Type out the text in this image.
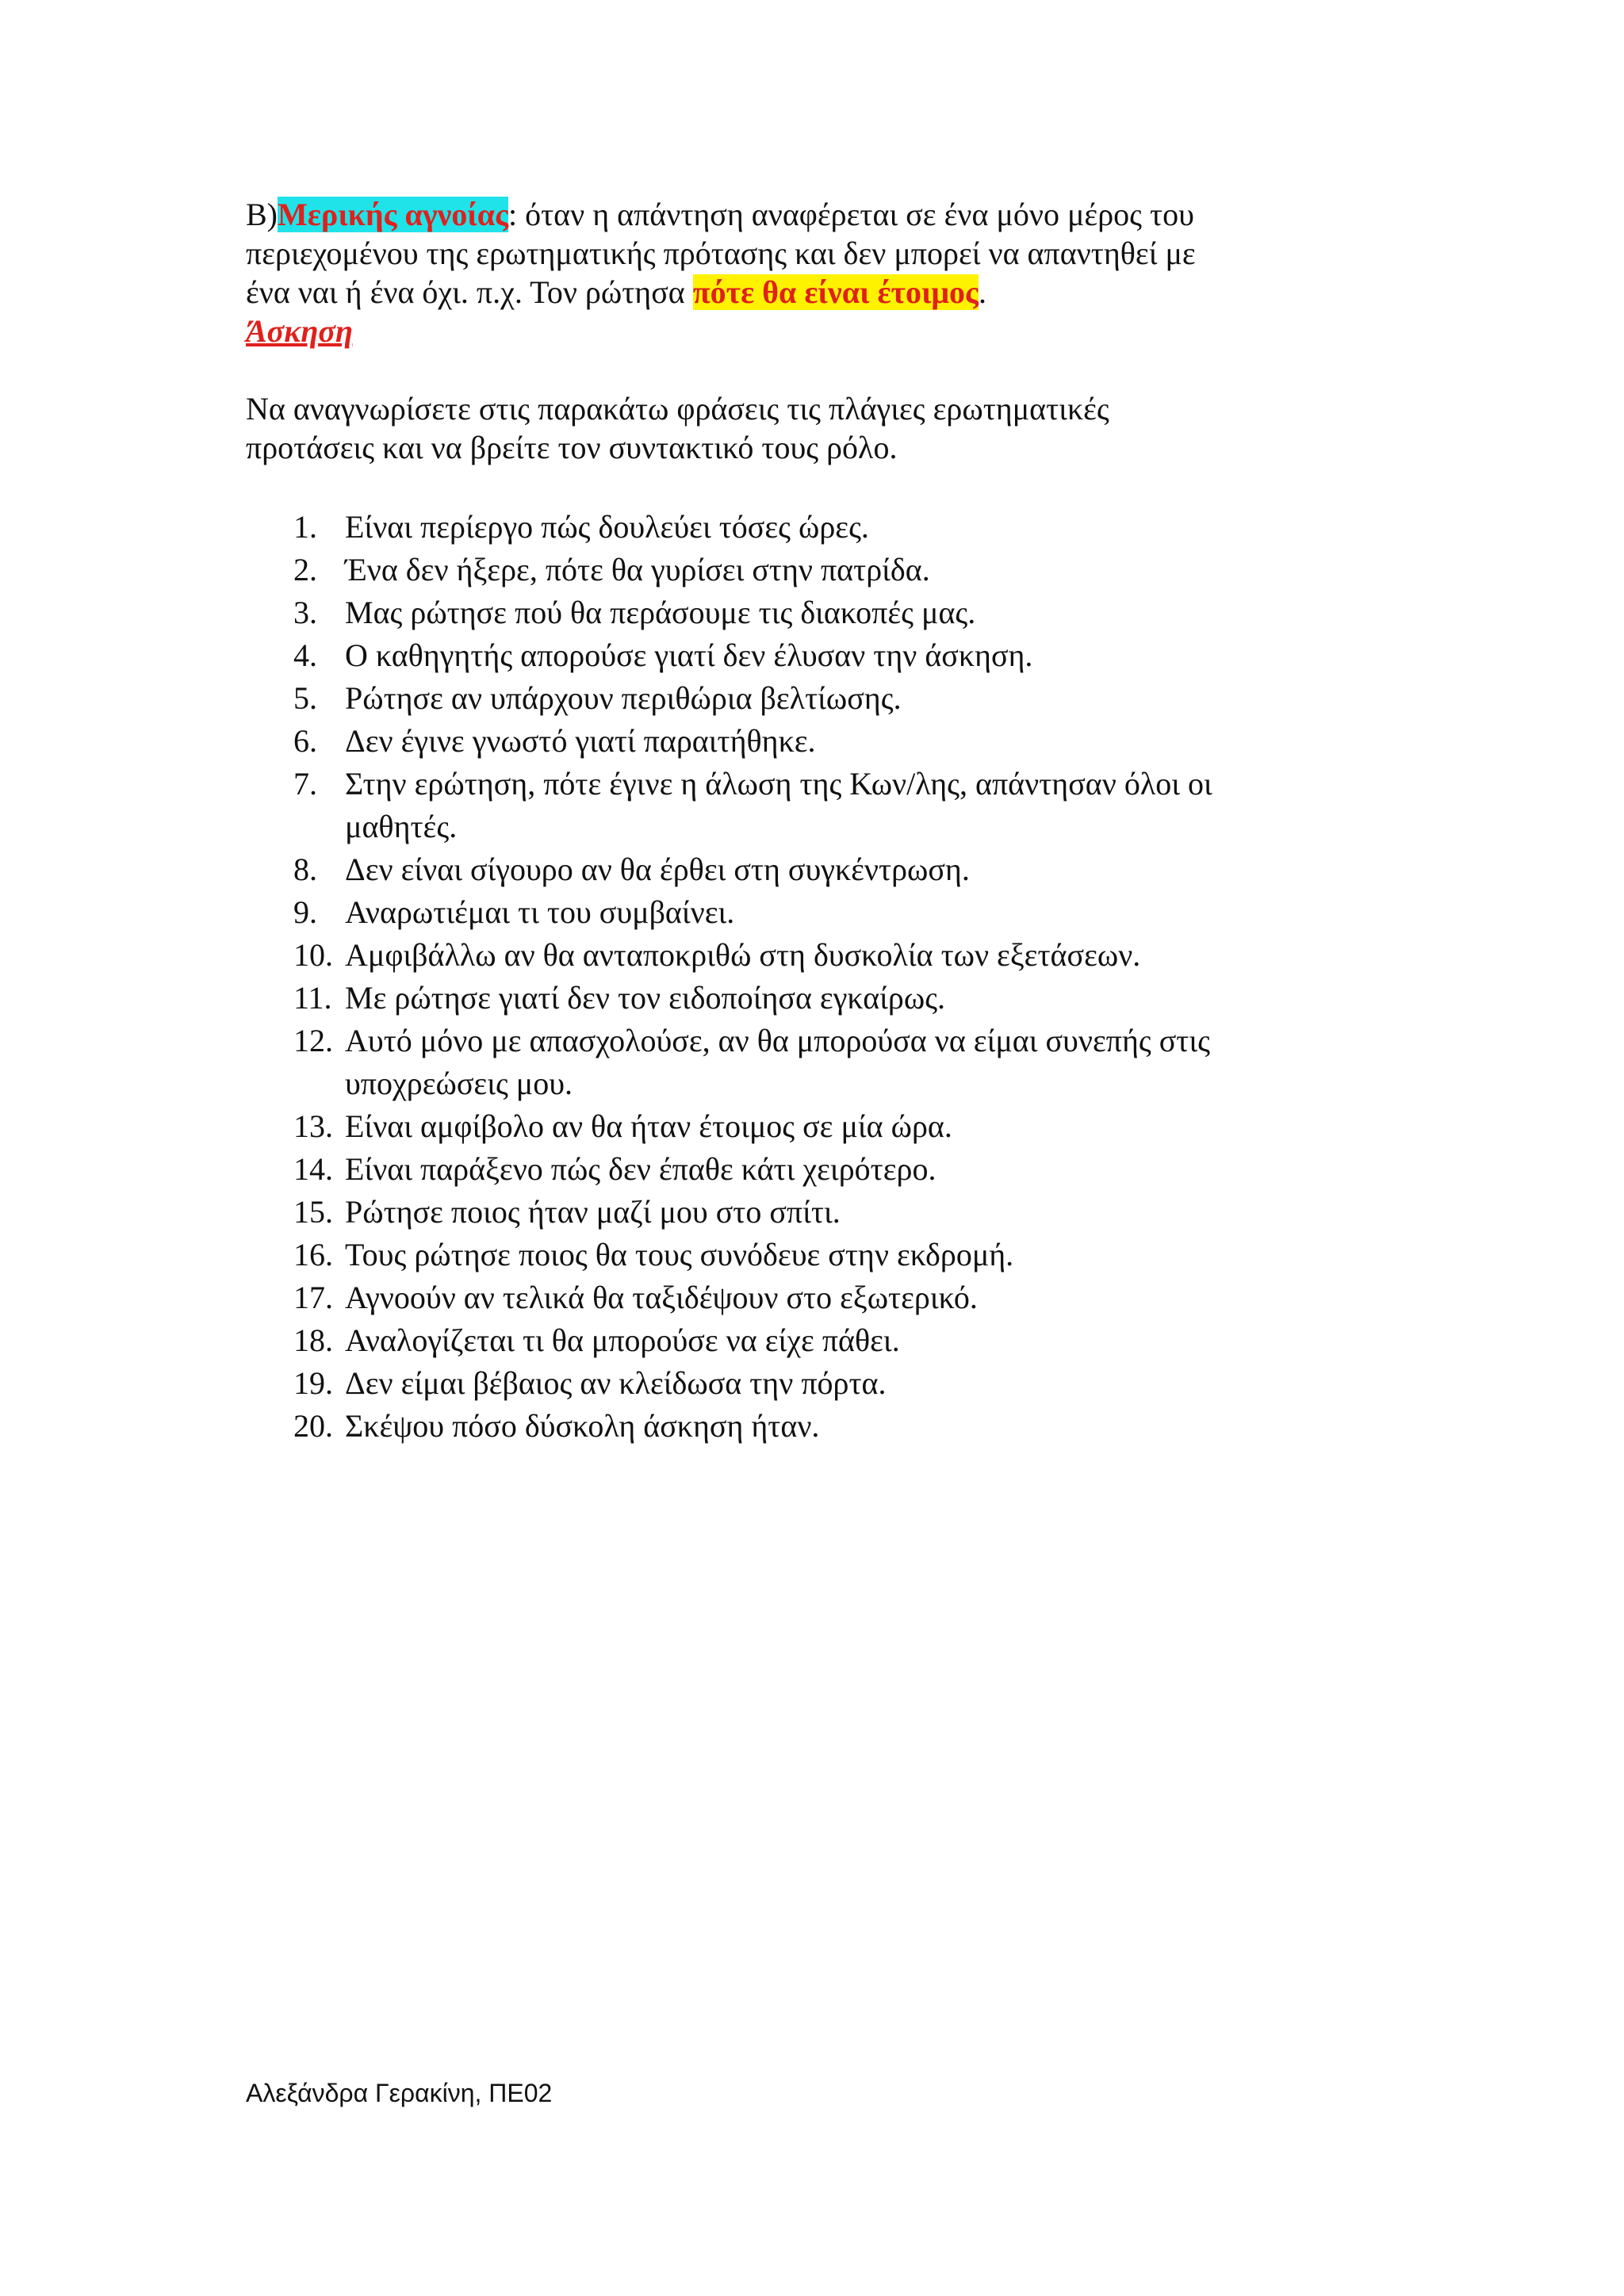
Β)Μερικής αγνοίας: όταν η απάντηση αναφέρεται σε ένα μόνο μέρος του
περιεχομένου της ερωτηματικής πρότασης και δεν μπορεί να απαντηθεί με
ένα ναι ή ένα όχι. π.χ. Τον ρώτησα πότε θα είναι έτοιμος.
Άσκηση
Να αναγνωρίσετε στις παρακάτω φράσεις τις πλάγιες ερωτηματικές
προτάσεις και να βρείτε τον συντακτικό τους ρόλο.
1. Είναι περίεργο πώς δουλεύει τόσες ώρες.
2. Ένα δεν ήξερε, πότε θα γυρίσει στην πατρίδα.
3. Μας ρώτησε πού θα περάσουμε τις διακοπές μας.
4. Ο καθηγητής απορούσε γιατί δεν έλυσαν την άσκηση.
5. Ρώτησε αν υπάρχουν περιθώρια βελτίωσης.
6. Δεν έγινε γνωστό γιατί παραιτήθηκε.
7. Στην ερώτηση, πότε έγινε η άλωση της Κων/λης, απάντησαν όλοι οι
μαθητές.
8. Δεν είναι σίγουρο αν θα έρθει στη συγκέντρωση.
9. Αναρωτιέμαι τι του συμβαίνει.
10. Αμφιβάλλω αν θα ανταποκριθώ στη δυσκολία των εξετάσεων.
11. Με ρώτησε γιατί δεν τον ειδοποίησα εγκαίρως.
12. Αυτό μόνο με απασχολούσε, αν θα μπορούσα να είμαι συνεπής στις
υποχρεώσεις μου.
13. Είναι αμφίβολο αν θα ήταν έτοιμος σε μία ώρα.
14. Είναι παράξενο πώς δεν έπαθε κάτι χειρότερο.
15. Ρώτησε ποιος ήταν μαζί μου στο σπίτι.
16. Τους ρώτησε ποιος θα τους συνόδευε στην εκδρομή.
17. Αγνοούν αν τελικά θα ταξιδέψουν στο εξωτερικό.
18. Αναλογίζεται τι θα μπορούσε να είχε πάθει.
19. Δεν είμαι βέβαιος αν κλείδωσα την πόρτα.
20. Σκέψου πόσο δύσκολη άσκηση ήταν.
Αλεξάνδρα Γερακίνη, ΠΕ02
